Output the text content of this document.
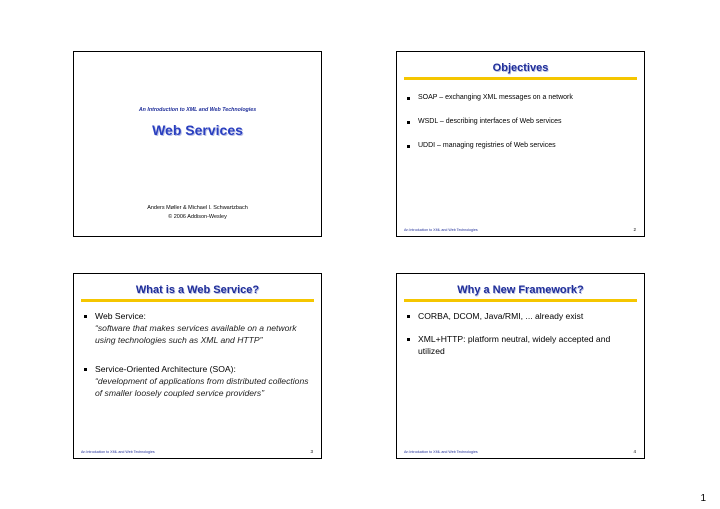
An Introduction to XML and Web Technologies
Web Services
Anders Møller & Michael I. Schwartzbach
© 2006 Addison-Wesley
Objectives
SOAP – exchanging XML messages on a network
WSDL – describing interfaces of Web services
UDDI – managing registries of Web services
An Introduction to XML and Web Technologies	2
What is a Web Service?
Web Service:
“software that makes services available on a network using technologies such as XML and HTTP”
Service-Oriented Architecture (SOA):
“development of applications from distributed collections of smaller loosely coupled service providers”
An Introduction to XML and Web Technologies	3
Why a New Framework?
CORBA, DCOM, Java/RMI, ... already exist
XML+HTTP: platform neutral, widely accepted and utilized
An Introduction to XML and Web Technologies	4
1
